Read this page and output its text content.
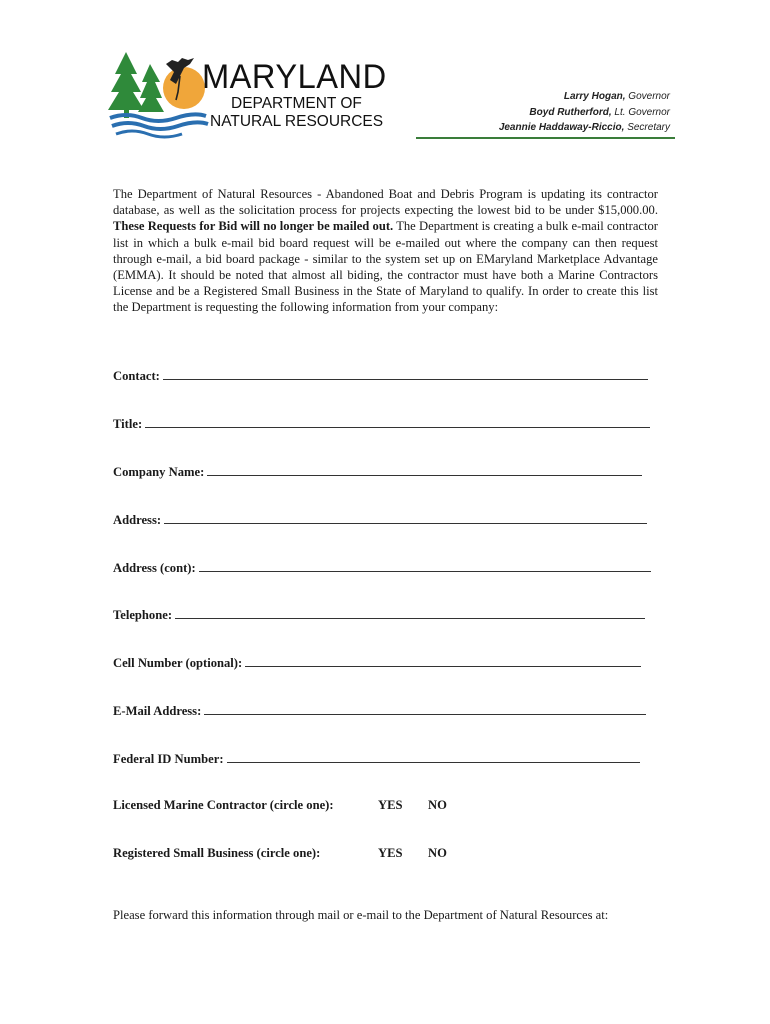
MARYLAND
DEPARTMENT OF
NATURAL RESOURCES
Larry Hogan, Governor
Boyd Rutherford, Lt. Governor
Jeannie Haddaway-Riccio, Secretary
The Department of Natural Resources - Abandoned Boat and Debris Program is updating its contractor database, as well as the solicitation process for projects expecting the lowest bid to be under $15,000.00. These Requests for Bid will no longer be mailed out. The Department is creating a bulk e-mail contractor list in which a bulk e-mail bid board request will be e-mailed out where the company can then request through e-mail, a bid board package - similar to the system set up on EMaryland Marketplace Advantage (EMMA). It should be noted that almost all biding, the contractor must have both a Marine Contractors License and be a Registered Small Business in the State of Maryland to qualify. In order to create this list the Department is requesting the following information from your company:
Contact:
Title:
Company Name:
Address:
Address (cont):
Telephone:
Cell Number (optional):
E-Mail Address:
Federal ID Number:
Licensed Marine Contractor (circle one):	YES NO
Registered Small Business (circle one):	YES NO
Please forward this information through mail or e-mail to the Department of Natural Resources at:
